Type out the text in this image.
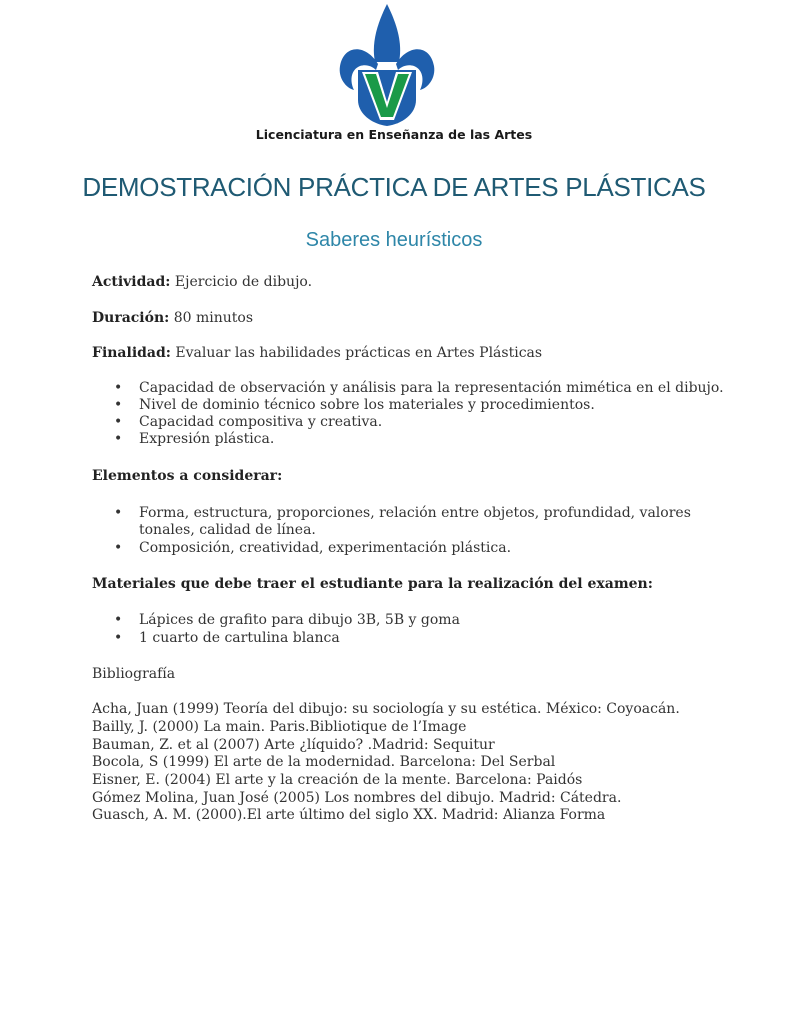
Licenciatura en Enseñanza de las Artes
DEMOSTRACIÓN PRÁCTICA DE ARTES PLÁSTICAS
Saberes heurísticos
Actividad: Ejercicio de dibujo.
Duración: 80 minutos
Finalidad: Evaluar las habilidades prácticas en Artes Plásticas
• Capacidad de observación y análisis para la representación mimética en el dibujo.
• Nivel de dominio técnico sobre los materiales y procedimientos.
• Capacidad compositiva y creativa.
• Expresión plástica.
Elementos a considerar:
• Forma, estructura, proporciones, relación entre objetos, profundidad, valores
tonales, calidad de línea.
• Composición, creatividad, experimentación plástica.
Materiales que debe traer el estudiante para la realización del examen:
• Lápices de grafito para dibujo 3B, 5B y goma
• 1 cuarto de cartulina blanca
Bibliografía
Acha, Juan (1999) Teoría del dibujo: su sociología y su estética. México: Coyoacán.
Bailly, J. (2000) La main. Paris.Bibliotique de l’Image
Bauman, Z. et al (2007) Arte ¿líquido? .Madrid: Sequitur
Bocola, S (1999) El arte de la modernidad. Barcelona: Del Serbal
Eisner, E. (2004) El arte y la creación de la mente. Barcelona: Paidós
Gómez Molina, Juan José (2005) Los nombres del dibujo. Madrid: Cátedra.
Guasch, A. M. (2000).El arte último del siglo XX. Madrid: Alianza Forma
